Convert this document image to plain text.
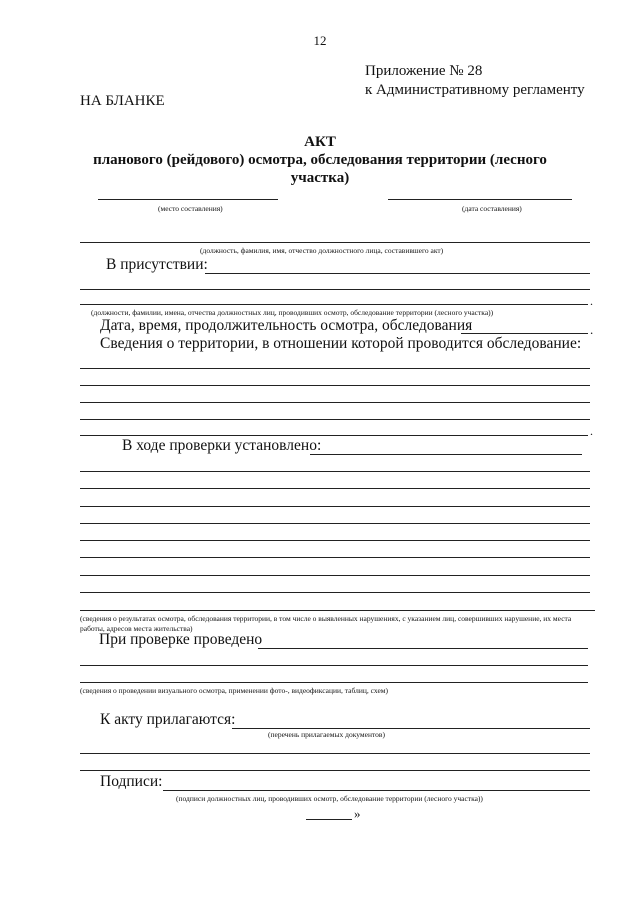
12
Приложение № 28
к Административному регламенту
НА БЛАНКЕ
АКТ
планового (рейдового) осмотра, обследования территории (лесного
участка)
(место составления)	(дата составления)
(должность, фамилия, имя, отчество должностного лица, составившего акт)
В присутствии:
.
(должности, фамилии, имена, отчества должностных лиц, проводивших осмотр, обследование территории (лесного участка))
Дата, время, продолжительность осмотра, обследования	.
Сведения о территории, в отношении которой проводится обследование:
.
В ходе проверки установлено:
(сведения о результатах осмотра, обследования территории, в том числе о выявленных нарушениях, с указанием лиц, совершивших нарушение, их места работы, адресов места жительства)
При проверке проведено
(сведения о проведении визуального осмотра, применении фото-, видеофиксации, таблиц, схем)
К акту прилагаются:
(перечень прилагаемых документов)
Подписи:
(подписи должностных лиц, проводивших осмотр, обследование территории (лесного участка))
»
